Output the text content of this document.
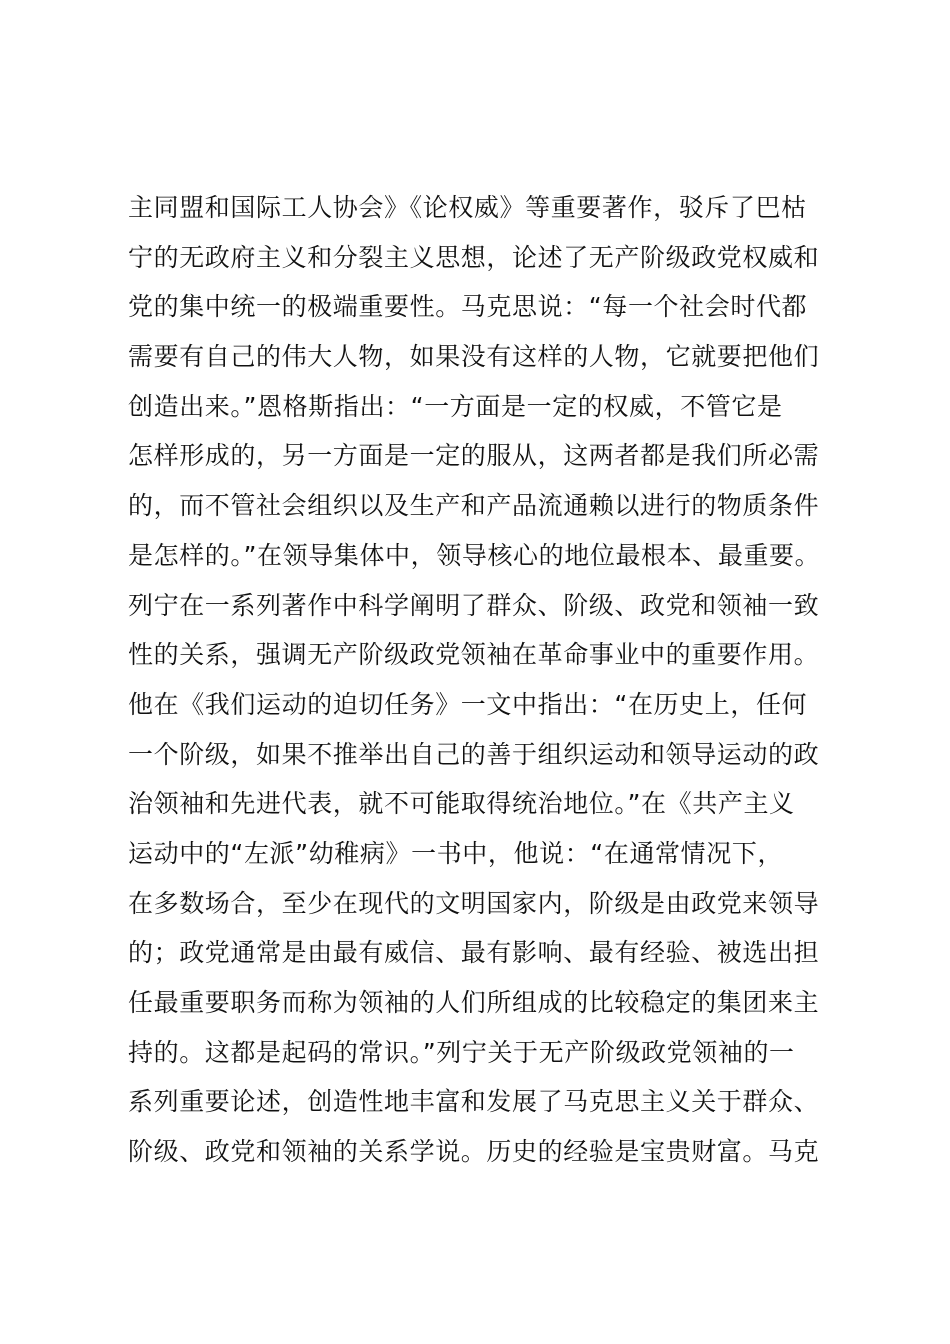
主同盟和国际工人协会》《论权威》等重要著作，驳斥了巴枯
宁的无政府主义和分裂主义思想，论述了无产阶级政党权威和
党的集中统一的极端重要性。马克思说：“每一个社会时代都
需要有自己的伟大人物，如果没有这样的人物，它就要把他们
创造出来。”恩格斯指出：“一方面是一定的权威，不管它是
怎样形成的，另一方面是一定的服从，这两者都是我们所必需
的，而不管社会组织以及生产和产品流通赖以进行的物质条件
是怎样的。”在领导集体中，领导核心的地位最根本、最重要。
列宁在一系列著作中科学阐明了群众、阶级、政党和领袖一致
性的关系，强调无产阶级政党领袖在革命事业中的重要作用。
他在《我们运动的迫切任务》一文中指出：“在历史上，任何
一个阶级，如果不推举出自己的善于组织运动和领导运动的政
治领袖和先进代表，就不可能取得统治地位。”在《共产主义
运动中的“左派”幼稚病》一书中，他说：“在通常情况下，
在多数场合，至少在现代的文明国家内，阶级是由政党来领导
的；政党通常是由最有威信、最有影响、最有经验、被选出担
任最重要职务而称为领袖的人们所组成的比较稳定的集团来主
持的。这都是起码的常识。”列宁关于无产阶级政党领袖的一
系列重要论述，创造性地丰富和发展了马克思主义关于群众、
阶级、政党和领袖的关系学说。历史的经验是宝贵财富。马克
